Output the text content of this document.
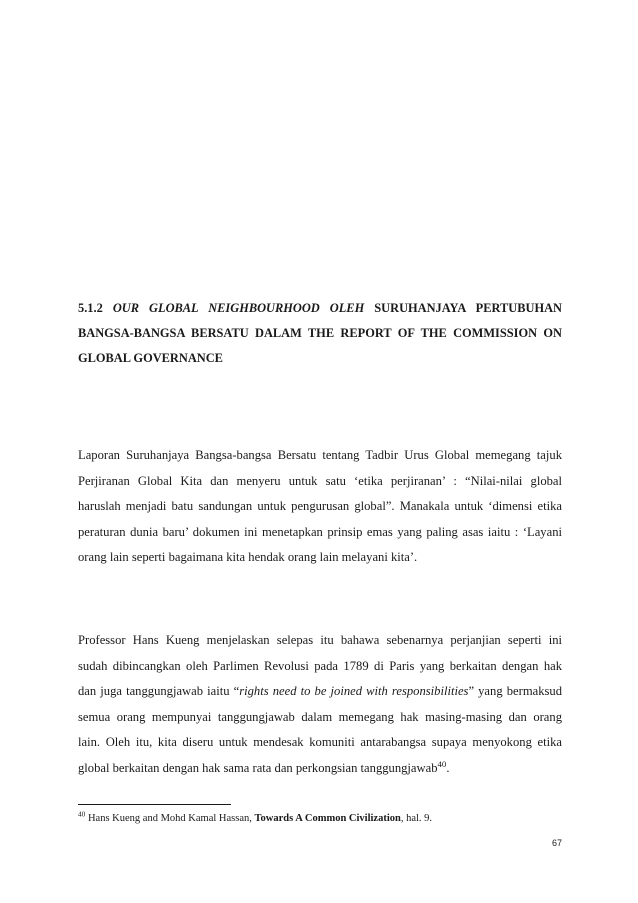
5.1.2 OUR GLOBAL NEIGHBOURHOOD OLEH SURUHANJAYA PERTUBUHAN
BANGSA-BANGSA BERSATU DALAM THE REPORT OF THE COMMISSION ON
GLOBAL GOVERNANCE
Laporan Suruhanjaya Bangsa-bangsa Bersatu tentang Tadbir Urus Global memegang tajuk
Perjiranan Global Kita dan menyeru untuk satu ‘etika perjiranan’ : “Nilai-nilai global
haruslah menjadi batu sandungan untuk pengurusan global”. Manakala untuk ‘dimensi etika
peraturan dunia baru’ dokumen ini menetapkan prinsip emas yang paling asas iaitu : ‘Layani
orang lain seperti bagaimana kita hendak orang lain melayani kita’.
Professor Hans Kueng menjelaskan selepas itu bahawa sebenarnya perjanjian seperti ini
sudah dibincangkan oleh Parlimen Revolusi pada 1789 di Paris yang berkaitan dengan hak
dan juga tanggungjawab iaitu “rights need to be joined with responsibilities” yang bermaksud
semua orang mempunyai tanggungjawab dalam memegang hak masing-masing dan orang
lain. Oleh itu, kita diseru untuk mendesak komuniti antarabangsa supaya menyokong etika
global berkaitan dengan hak sama rata dan perkongsian tanggungjawab$^{40}$.
$^{40}$ Hans Kueng and Mohd Kamal Hassan, Towards A Common Civilization, hal. 9.
67
